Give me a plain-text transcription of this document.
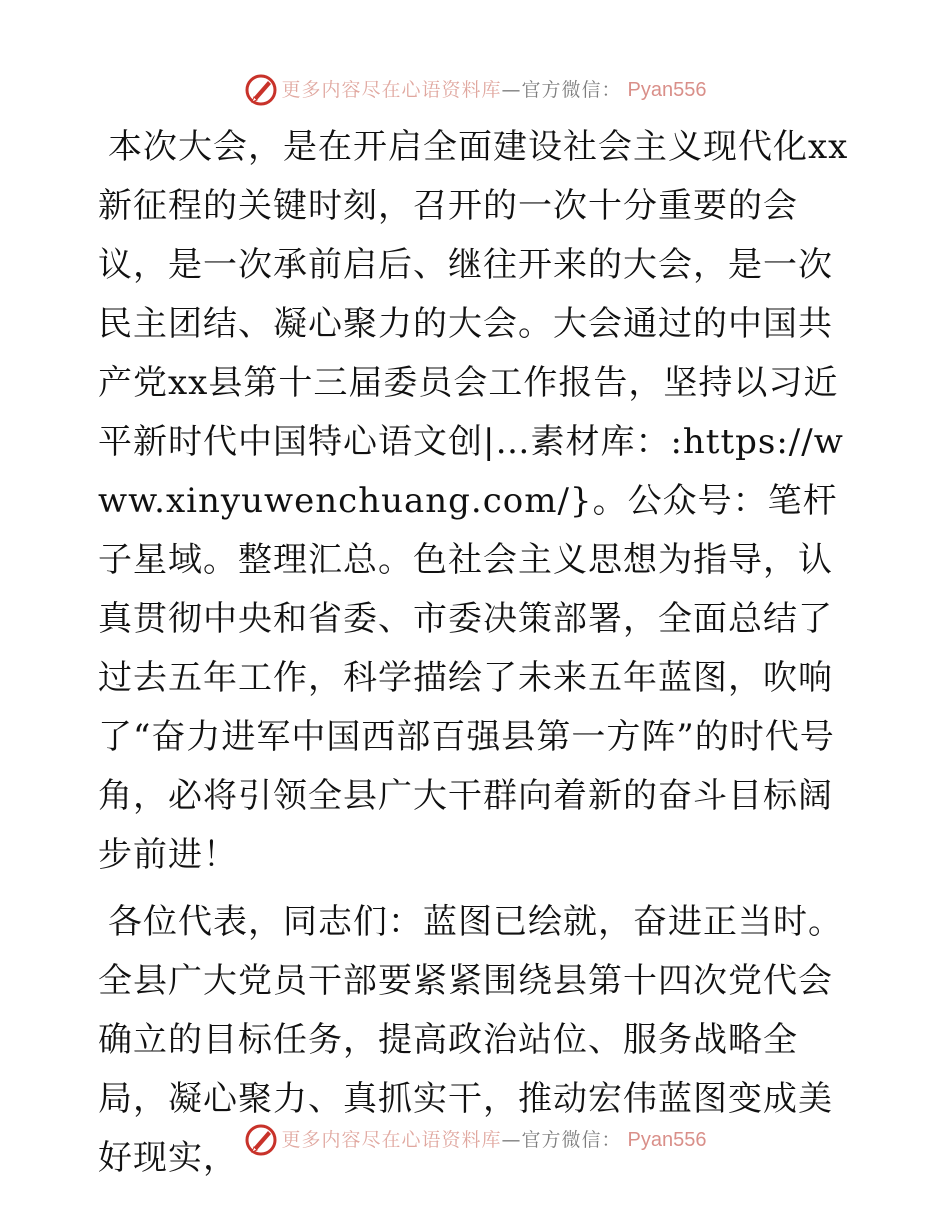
更多内容尽在心语资料库 —官方微信： Pyan556

本次大会，是在开启全面建设社会主义现代化xx新征程的关键时刻，召开的一次十分重要的会议，是一次承前启后、继往开来的大会，是一次民主团结、凝心聚力的大会。大会通过的中国共产党xx县第十三届委员会工作报告，坚持以习近平新时代中国特心语文创|…素材库：:https://www.xinyuwenchuang.com/}。公众号：笔杆子星域。整理汇总。色社会主义思想为指导，认真贯彻中央和省委、市委决策部署，全面总结了过去五年工作，科学描绘了未来五年蓝图，吹响了“奋力进军中国西部百强县第一方阵”的时代号角，必将引领全县广大干群向着新的奋斗目标阔步前进！

各位代表，同志们：蓝图已绘就，奋进正当时。全县广大党员干部要紧紧围绕县第十四次党代会确立的目标任务，提高政治站位、服务战略全局，凝心聚力、真抓实干，推动宏伟蓝图变成美好现实，	更多内容尽在心语资料库 —官方微信： Pyan556
